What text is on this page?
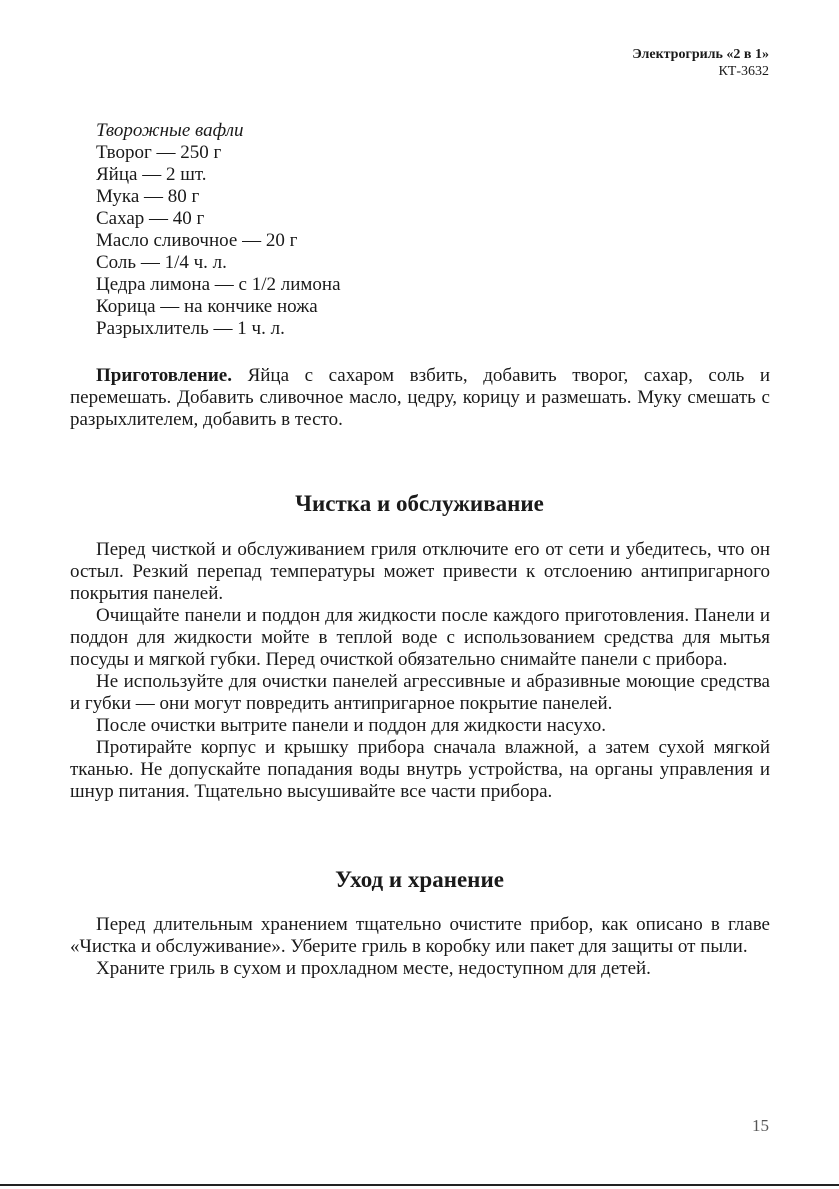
Электрогриль «2 в 1»
КТ-3632
Творожные вафли
Творог — 250 г
Яйца — 2 шт.
Мука — 80 г
Сахар — 40 г
Масло сливочное — 20 г
Соль — 1/4 ч. л.
Цедра лимона — с 1/2 лимона
Корица — на кончике ножа
Разрыхлитель — 1 ч. л.

Приготовление. Яйца с сахаром взбить, добавить творог, сахар, соль и перемешать. Добавить сливочное масло, цедру, корицу и размешать. Муку смешать с разрыхлителем, добавить в тесто.

Чистка и обслуживание

Перед чисткой и обслуживанием гриля отключите его от сети и убедитесь, что он остыл. Резкий перепад температуры может привести к отслоению антипригарного покрытия панелей.

Очищайте панели и поддон для жидкости после каждого приготовления. Панели и поддон для жидкости мойте в теплой воде с использованием средства для мытья посуды и мягкой губки. Перед очисткой обязательно снимайте панели с прибора.

Не используйте для очистки панелей агрессивные и абразивные моющие средства и губки — они могут повредить антипригарное покрытие панелей.

После очистки вытрите панели и поддон для жидкости насухо.

Протирайте корпус и крышку прибора сначала влажной, а затем сухой мягкой тканью. Не допускайте попадания воды внутрь устройства, на органы управления и шнур питания. Тщательно высушивайте все части прибора.

Уход и хранение

Перед длительным хранением тщательно очистите прибор, как описано в главе «Чистка и обслуживание». Уберите гриль в коробку или пакет для защиты от пыли.

Храните гриль в сухом и прохладном месте, недоступном для детей.

15
